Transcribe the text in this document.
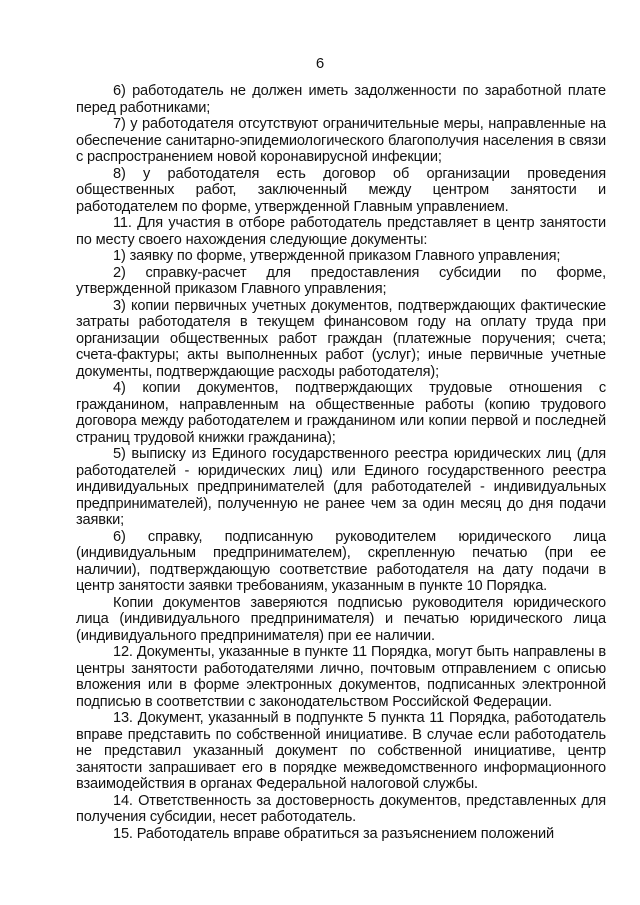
6

6) работодатель не должен иметь задолженности по заработной плате перед работниками;

7) у работодателя отсутствуют ограничительные меры, направленные на обеспечение санитарно-эпидемиологического благополучия населения в связи с распространением новой коронавирусной инфекции;

8) у работодателя есть договор об организации проведения общественных работ, заключенный между центром занятости и работодателем по форме, утвержденной Главным управлением.

11. Для участия в отборе работодатель представляет в центр занятости по месту своего нахождения следующие документы:

1) заявку по форме, утвержденной приказом Главного управления;

2) справку-расчет для предоставления субсидии по форме, утвержденной приказом Главного управления;

3) копии первичных учетных документов, подтверждающих фактические затраты работодателя в текущем финансовом году на оплату труда при организации общественных работ граждан (платежные поручения; счета; счета-фактуры; акты выполненных работ (услуг); иные первичные учетные документы, подтверждающие расходы работодателя);

4) копии документов, подтверждающих трудовые отношения с гражданином, направленным на общественные работы (копию трудового договора между работодателем и гражданином или копии первой и последней страниц трудовой книжки гражданина);

5) выписку из Единого государственного реестра юридических лиц (для работодателей - юридических лиц) или Единого государственного реестра индивидуальных предпринимателей (для работодателей - индивидуальных предпринимателей), полученную не ранее чем за один месяц до дня подачи заявки;

6) справку, подписанную руководителем юридического лица (индивидуальным предпринимателем), скрепленную печатью (при ее наличии), подтверждающую соответствие работодателя на дату подачи в центр занятости заявки требованиям, указанным в пункте 10 Порядка.

Копии документов заверяются подписью руководителя юридического лица (индивидуального предпринимателя) и печатью юридического лица (индивидуального предпринимателя) при ее наличии.

12. Документы, указанные в пункте 11 Порядка, могут быть направлены в центры занятости работодателями лично, почтовым отправлением с описью вложения или в форме электронных документов, подписанных электронной подписью в соответствии с законодательством Российской Федерации.

13. Документ, указанный в подпункте 5 пункта 11 Порядка, работодатель вправе представить по собственной инициативе. В случае если работодатель не представил указанный документ по собственной инициативе, центр занятости запрашивает его в порядке межведомственного информационного взаимодействия в органах Федеральной налоговой службы.

14. Ответственность за достоверность документов, представленных для получения субсидии, несет работодатель.

15. Работодатель вправе обратиться за разъяснением положений
